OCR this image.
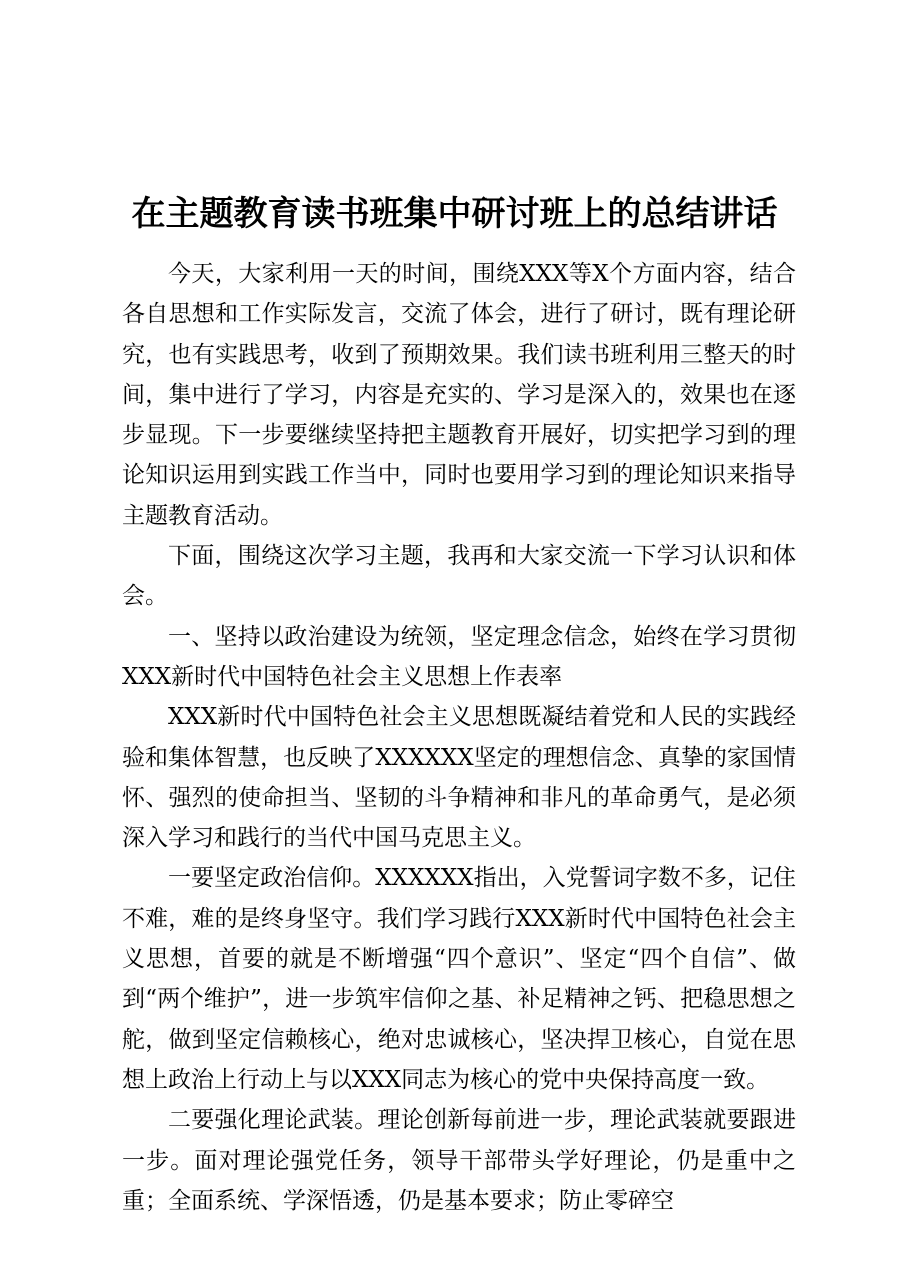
在主题教育读书班集中研讨班上的总结讲话

今天，大家利用一天的时间，围绕XXX等X个方面内容，结合各自思想和工作实际发言，交流了体会，进行了研讨，既有理论研究，也有实践思考，收到了预期效果。我们读书班利用三整天的时间，集中进行了学习，内容是充实的、学习是深入的，效果也在逐步显现。下一步要继续坚持把主题教育开展好，切实把学习到的理论知识运用到实践工作当中，同时也要用学习到的理论知识来指导主题教育活动。

下面，围绕这次学习主题，我再和大家交流一下学习认识和体会。

一、坚持以政治建设为统领，坚定理念信念，始终在学习贯彻XXX新时代中国特色社会主义思想上作表率

XXX新时代中国特色社会主义思想既凝结着党和人民的实践经验和集体智慧，也反映了XXXXXX坚定的理想信念、真挚的家国情怀、强烈的使命担当、坚韧的斗争精神和非凡的革命勇气，是必须深入学习和践行的当代中国马克思主义。

一要坚定政治信仰。XXXXXX指出，入党誓词字数不多，记住不难，难的是终身坚守。我们学习践行XXX新时代中国特色社会主义思想，首要的就是不断增强“四个意识”、坚定“四个自信”、做到“两个维护”，进一步筑牢信仰之基、补足精神之钙、把稳思想之舵，做到坚定信赖核心，绝对忠诚核心，坚决捍卫核心，自觉在思想上政治上行动上与以XXX同志为核心的党中央保持高度一致。

二要强化理论武装。理论创新每前进一步，理论武装就要跟进一步。面对理论强党任务，领导干部带头学好理论，仍是重中之重；全面系统、学深悟透，仍是基本要求；防止零碎空
